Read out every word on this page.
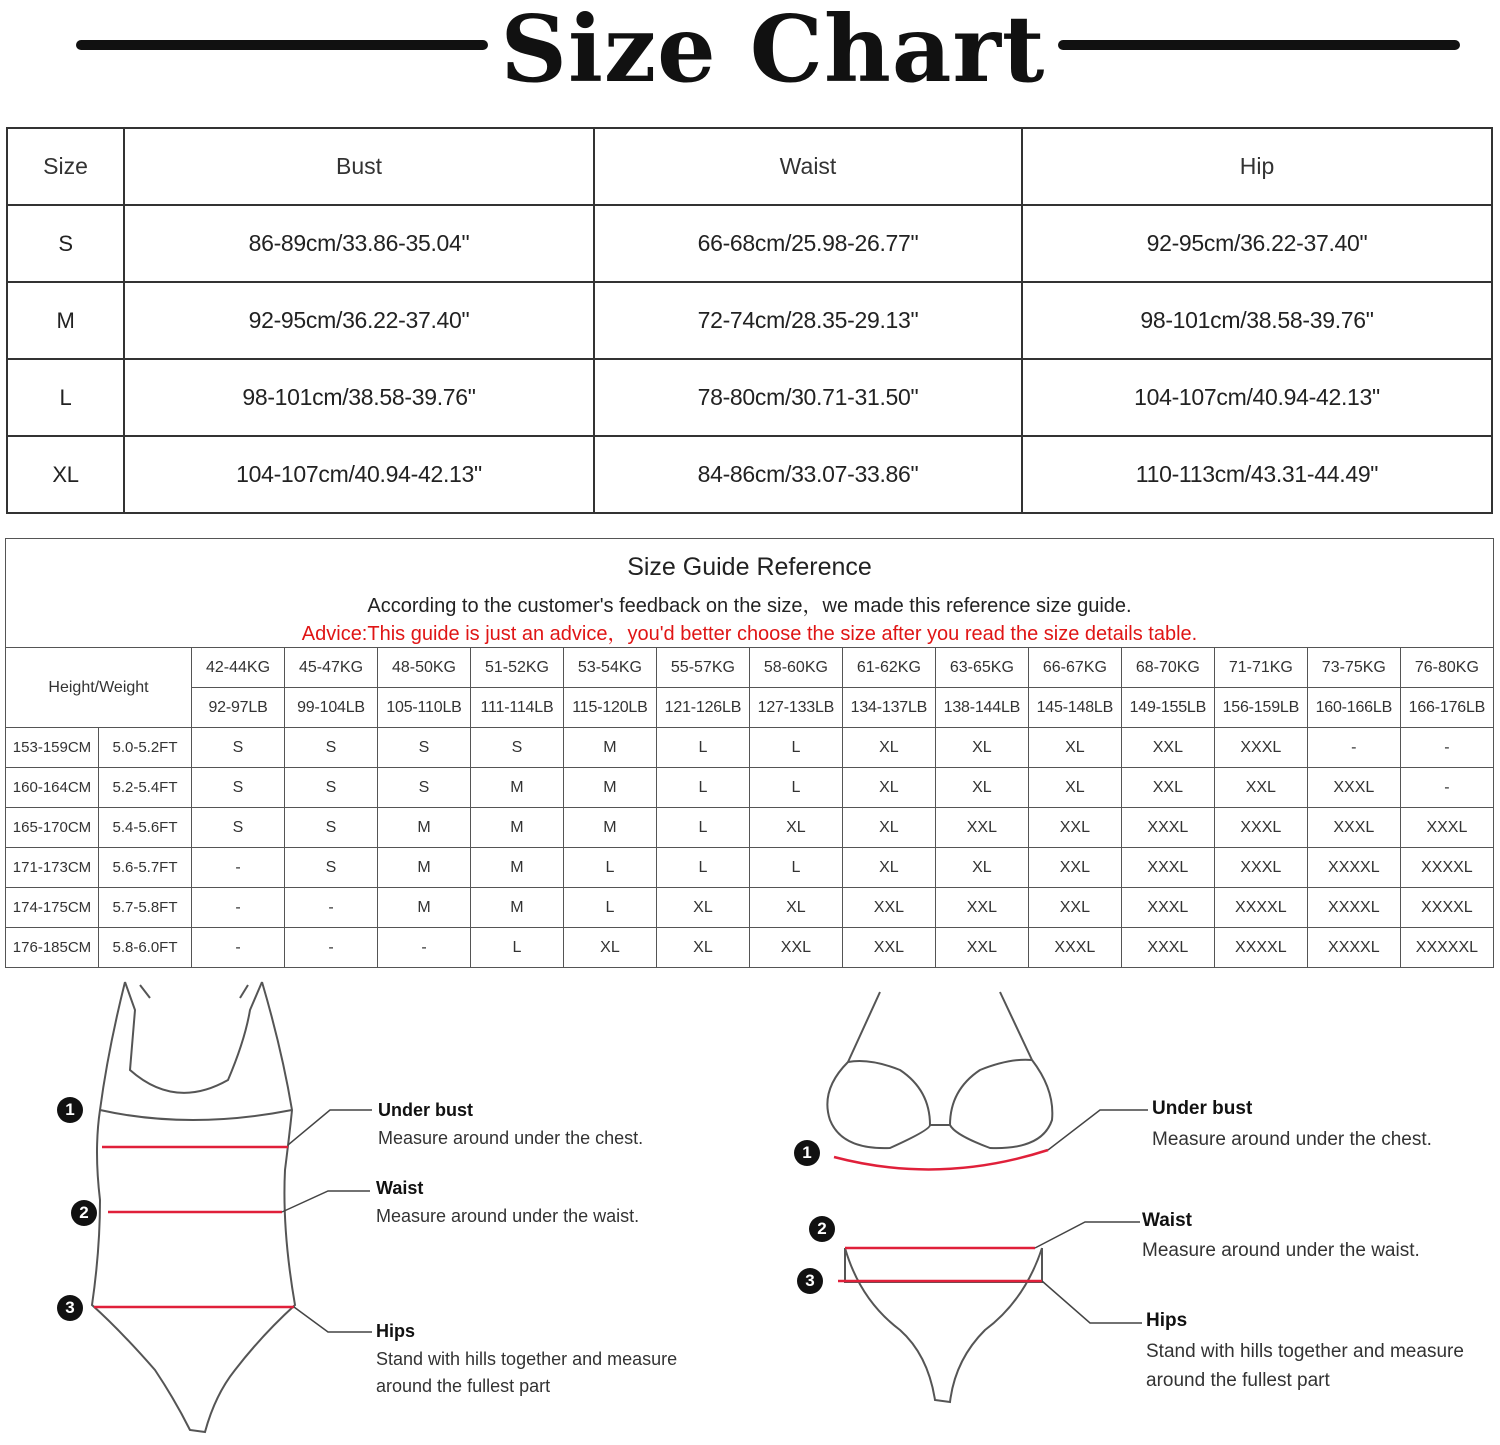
Size Chart
Size	Bust	Waist	Hip
S	86-89cm/33.86-35.04"	66-68cm/25.98-26.77"	92-95cm/36.22-37.40"
M	92-95cm/36.22-37.40"	72-74cm/28.35-29.13"	98-101cm/38.58-39.76"
L	98-101cm/38.58-39.76"	78-80cm/30.71-31.50"	104-107cm/40.94-42.13"
XL	104-107cm/40.94-42.13"	84-86cm/33.07-33.86"	110-113cm/43.31-44.49"
Size Guide Reference
According to the customer's feedback on the size，we made this reference size guide.
Advice:This guide is just an advice，you'd better choose the size after you read the size details table.
Height/Weight		42-44KG	45-47KG	48-50KG	51-52KG	53-54KG	55-57KG	58-60KG	61-62KG	63-65KG	66-67KG	68-70KG	71-71KG	73-75KG	76-80KG
		92-97LB	99-104LB	105-110LB	111-114LB	115-120LB	121-126LB	127-133LB	134-137LB	138-144LB	145-148LB	149-155LB	156-159LB	160-166LB	166-176LB
153-159CM	5.0-5.2FT	S	S	S	S	M	L	L	XL	XL	XL	XXL	XXXL	-	-
160-164CM	5.2-5.4FT	S	S	S	M	M	L	L	XL	XL	XL	XXL	XXL	XXXL	-
165-170CM	5.4-5.6FT	S	S	M	M	M	L	XL	XL	XXL	XXL	XXXL	XXXL	XXXL	XXXL
171-173CM	5.6-5.7FT	-	S	M	M	L	L	L	XL	XL	XXL	XXXL	XXXL	XXXXL	XXXXL
174-175CM	5.7-5.8FT	-	-	M	M	L	XL	XL	XXL	XXL	XXL	XXXL	XXXXL	XXXXL	XXXXL
176-185CM	5.8-6.0FT	-	-	-	L	XL	XL	XXL	XXL	XXL	XXXL	XXXL	XXXXL	XXXXL	XXXXXL
1
2
3
Under bust
Measure around under the chest.
Waist
Measure around under the waist.
Hips
Stand with hills together and measure
around the fullest part
1
2
3
Under bust
Measure around under the chest.
Waist
Measure around under the waist.
Hips
Stand with hills together and measure
around the fullest part
